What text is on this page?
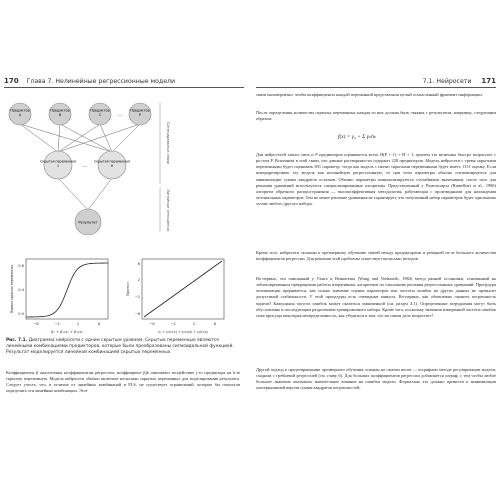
170 Глава 7. Нелинейные регрессионные модели
…
Предиктор A
Предиктор B
Предиктор C
Предиктор P
…
Скрытая переменная 1
Скрытая переменная H
Результат
Сигмоидальные связи
Линейные отношения
−6	−2	2	6
0.0
0.4
0.8
β₁ + β₁₁x₁ + β₁₂x₂
Первая скрытая переменная
−6	−2	2	6
−6
−2
2
6
γ₀ + γ₁h₁(x) + γ₂h₂(x) + γ₃h₃(x)
Прогноз

Рис. 7.1. Диаграмма нейросети с одним скрытым уровнем. Скрытые переменные являются линейными комбинациями предикторов, которые были преобразованы сигмоидальной функцией. Результат моделируется линейной комбинацией скрытых переменных

Коэффициенты β аналогичны коэффициентам регрессии; коэффициент βjk описывает воздействие j-го предиктора на k-ю скрытую переменную. Модель нейросети обычно включает несколько скрытых переменных для моделирования результата. Следует учесть, что, в отличие от линейных комбинаций в PLS, не существует ограничений, которые бы помогали определять эти линейные комбинации. Этот

7.1. Нейросети 171

связи маловероятно, чтобы коэффициенты каждой переменной представляли целый осмысленный фрагмент информации.

После определения количества скрытых переменных каждая из них должна быть связана с результатом, например, следующим образом:

f(x) = γ₀ + Σ γₖhₖ

Для нейросетей такого типа и P предикторов оценивается всего H(P + 1) + H + 1, причем эта величина быстро возрастает с ростом P. Вспомним в этой связи, что данные растворимости содержат 228 предикторов. Модель нейросети с тремя скрытыми переменными будет оценивать 691 параметр, тогда как модель с пятью скрытыми переменными будет иметь 1151 оценку. Если интерпретировать эту модель как нелинейную регрессионную, то при этом параметры обычно оптимизируются для минимизации суммы квадратов остатков. Обычно параметры инициализируются случайными значениями, после чего для решения уравнений используются специализированные алгоритмы. Представленный у Румельхарта (Rumelhart et al., 1986) алгоритм обратного распространения — высокоэффективная методология, работающая с производными для нахождения оптимальных параметров. Тем не менее решение уравнения не гарантирует, что полученный набор параметров будет однозначно лучше любого другого набора.

Кроме того, нейросети склонны к чрезмерному обучению связей между предикторами и реакцией из-за большого количества коэффициентов регрессии. Для решения этой проблемы существует несколько методов.

Во-первых, эти описанный у Уанга и Венкатеша (Wang and Venkatesh, 1984) метод ранней остановки, основанный на заблаговременном прекращении работы итеративных алгоритмов по отысканию решения регрессионных уравнений. Процедура оптимизации прерывается, как только значение оценки параметров или частоты ошибок на других данных не превысит допустимой стабильности. У этой процедуры есть очевидные минусы. Во-первых, как объективно оценить погрешность модели? Кажущаяся частота ошибок может оказаться завышенной (см. раздел 4.1). Определенные затруднения могут быть обусловлены и последующим разделением тренировочного набора. Кроме того, поскольку значения измеренной частоты ошибок тоже присуща некоторая неопределенность, как убедиться в том, что на самом деле возрастает?

Другой подход к предотвращению чрезмерного обучения основан на сжатии весов — штрафном методе регуляризации модели, сходном с гребневой регрессией (см. главу 6). Для больших коэффициентов регрессии добавляется штраф, с тем чтобы любое большое значение оказывало значительное влияние на ошибки модели. Формально это должно привести к минимизации альтернативной версии суммы квадратов погрешностей:
